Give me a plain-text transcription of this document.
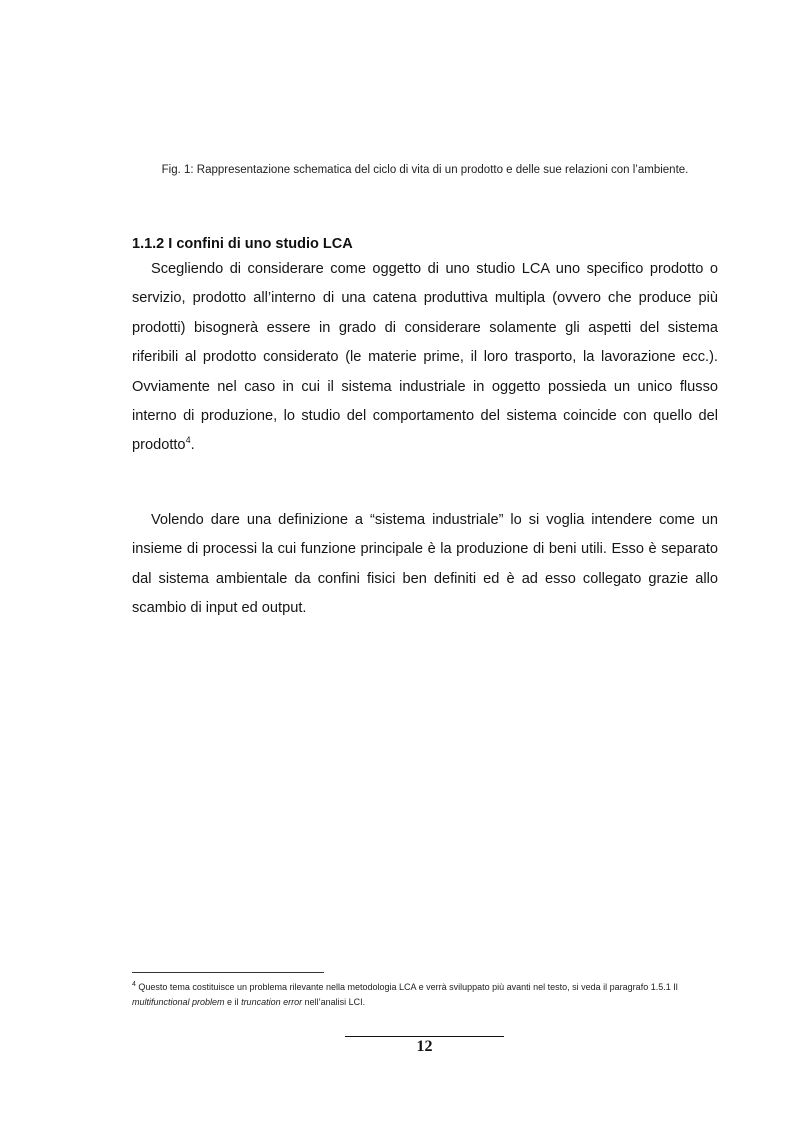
Fig. 1: Rappresentazione schematica del ciclo di vita di un prodotto e delle sue relazioni con l’ambiente.
1.1.2 I confini di uno studio LCA

Scegliendo di considerare come oggetto di uno studio LCA uno specifico prodotto o servizio, prodotto all’interno di una catena produttiva multipla (ovvero che produce più prodotti) bisognerà essere in grado di considerare solamente gli aspetti del sistema riferibili al prodotto considerato (le materie prime, il loro trasporto, la lavorazione ecc.). Ovviamente nel caso in cui il sistema industriale in oggetto possieda un unico flusso interno di produzione, lo studio del comportamento del sistema coincide con quello del prodotto$^4$.

Volendo dare una definizione a “sistema industriale” lo si voglia intendere come un insieme di processi la cui funzione principale è la produzione di beni utili. Esso è separato dal sistema ambientale da confini fisici ben definiti ed è ad esso collegato grazie allo scambio di input ed output.

$^4$ Questo tema costituisce un problema rilevante nella metodologia LCA e verrà sviluppato più avanti nel testo, si veda il paragrafo 1.5.1 Il multifunctional problem e il truncation error nell’analisi LCI.

12
